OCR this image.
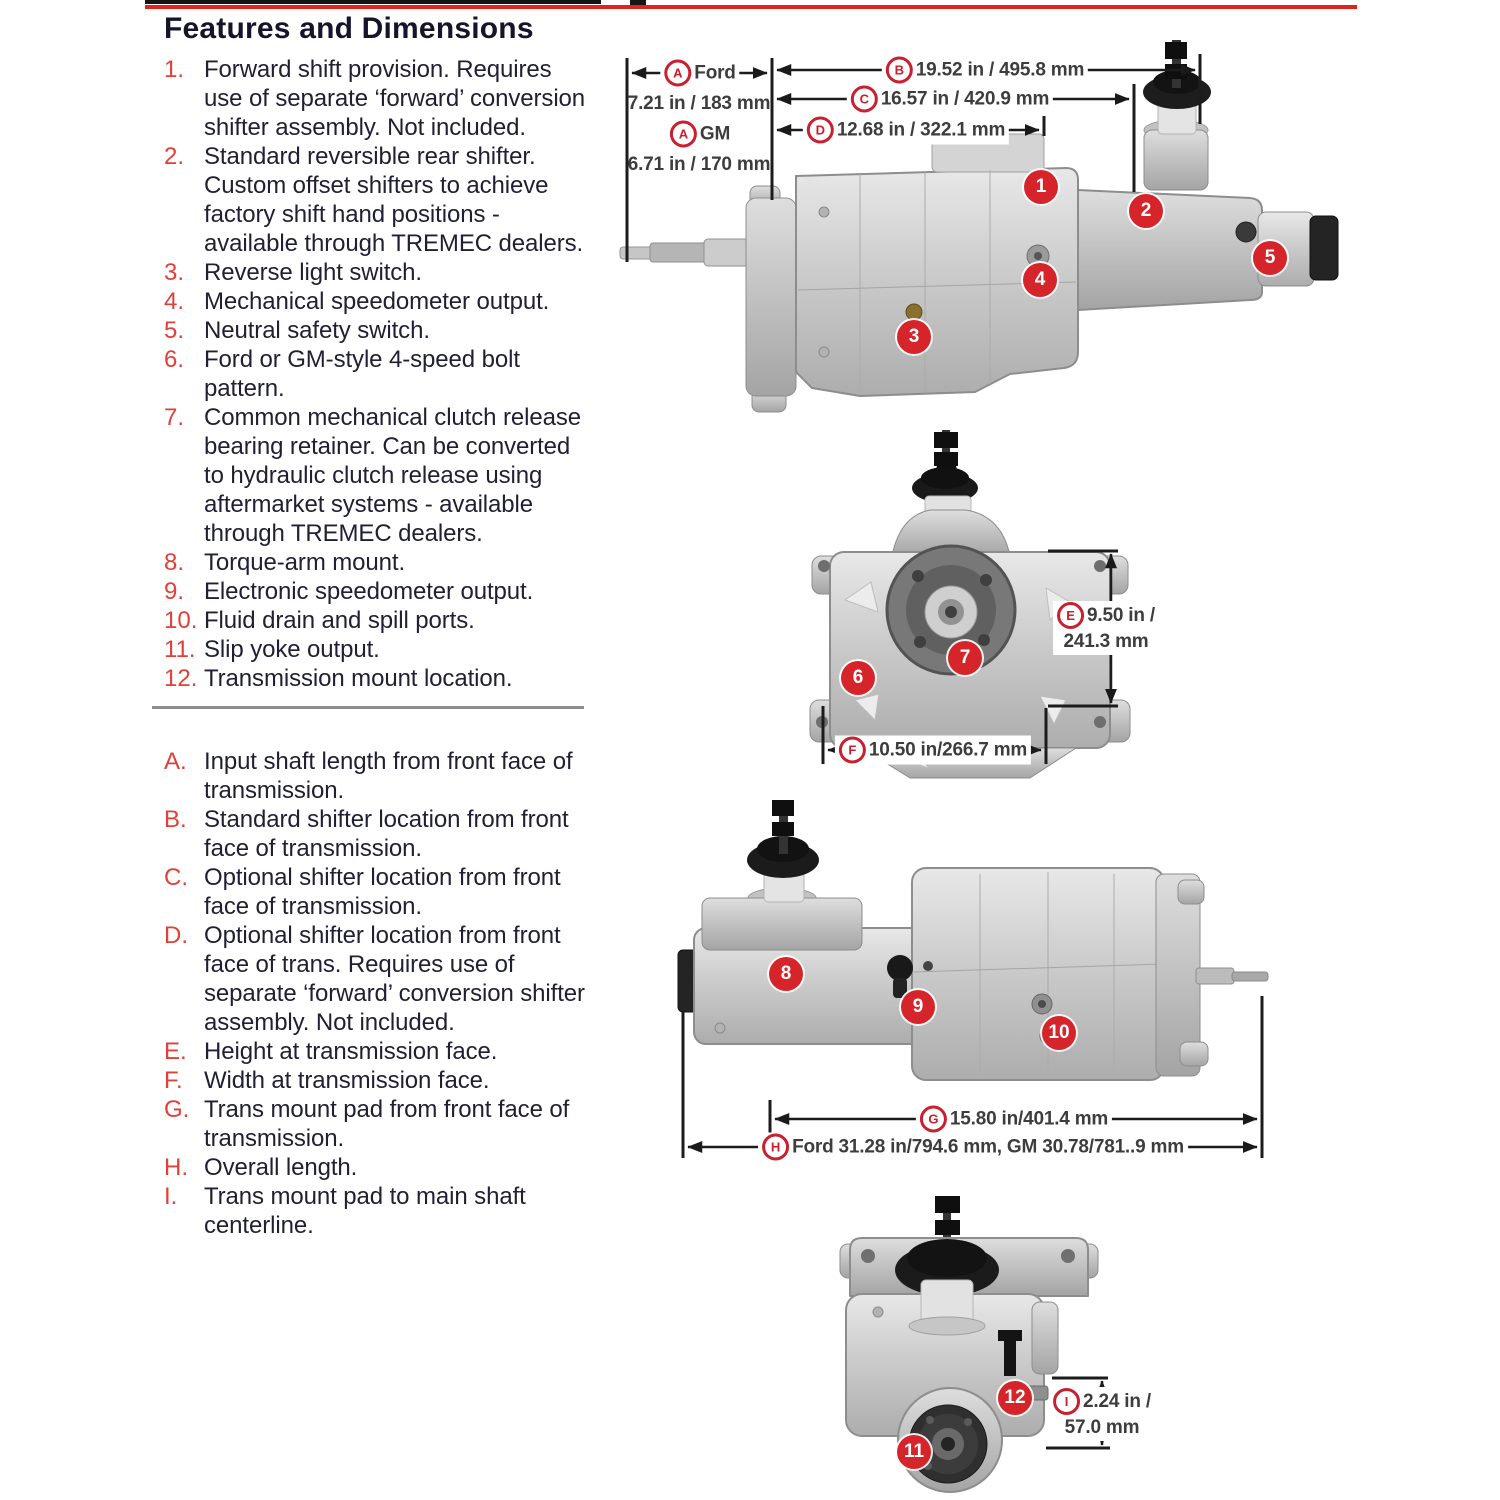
Features and Dimensions
1. Forward shift provision. Requires use of separate ‘forward’ conversion shifter assembly. Not included.
2. Standard reversible rear shifter. Custom offset shifters to achieve factory shift hand positions - available through TREMEC dealers.
3. Reverse light switch.
4. Mechanical speedometer output.
5. Neutral safety switch.
6. Ford or GM-style 4-speed bolt pattern.
7. Common mechanical clutch release bearing retainer. Can be converted to hydraulic clutch release using aftermarket systems - available through TREMEC dealers.
8. Torque-arm mount.
9. Electronic speedometer output.
10. Fluid drain and spill ports.
11. Slip yoke output.
12. Transmission mount location.
A. Input shaft length from front face of transmission.
B. Standard shifter location from front face of transmission.
C. Optional shifter location from front face of transmission.
D. Optional shifter location from front face of trans. Requires use of separate ‘forward’ conversion shifter assembly. Not included.
E. Height at transmission face.
F. Width at transmission face.
G. Trans mount pad from front face of transmission.
H. Overall length.
I.	Trans mount pad to main shaft centerline.
A Ford
7.21 in / 183 mm
A GM
6.71 in / 170 mm
B 19.52 in / 495.8 mm
C 16.57 in / 420.9 mm
D 12.68 in / 322.1 mm
E 9.50 in /
241.3 mm
F 10.50 in/266.7 mm
G 15.80 in/401.4 mm
H Ford 31.28 in/794.6 mm, GM 30.78/781..9 mm
I 2.24 in /
57.0 mm
1
2
3
4
5
6
7
8
9
10
11
12
